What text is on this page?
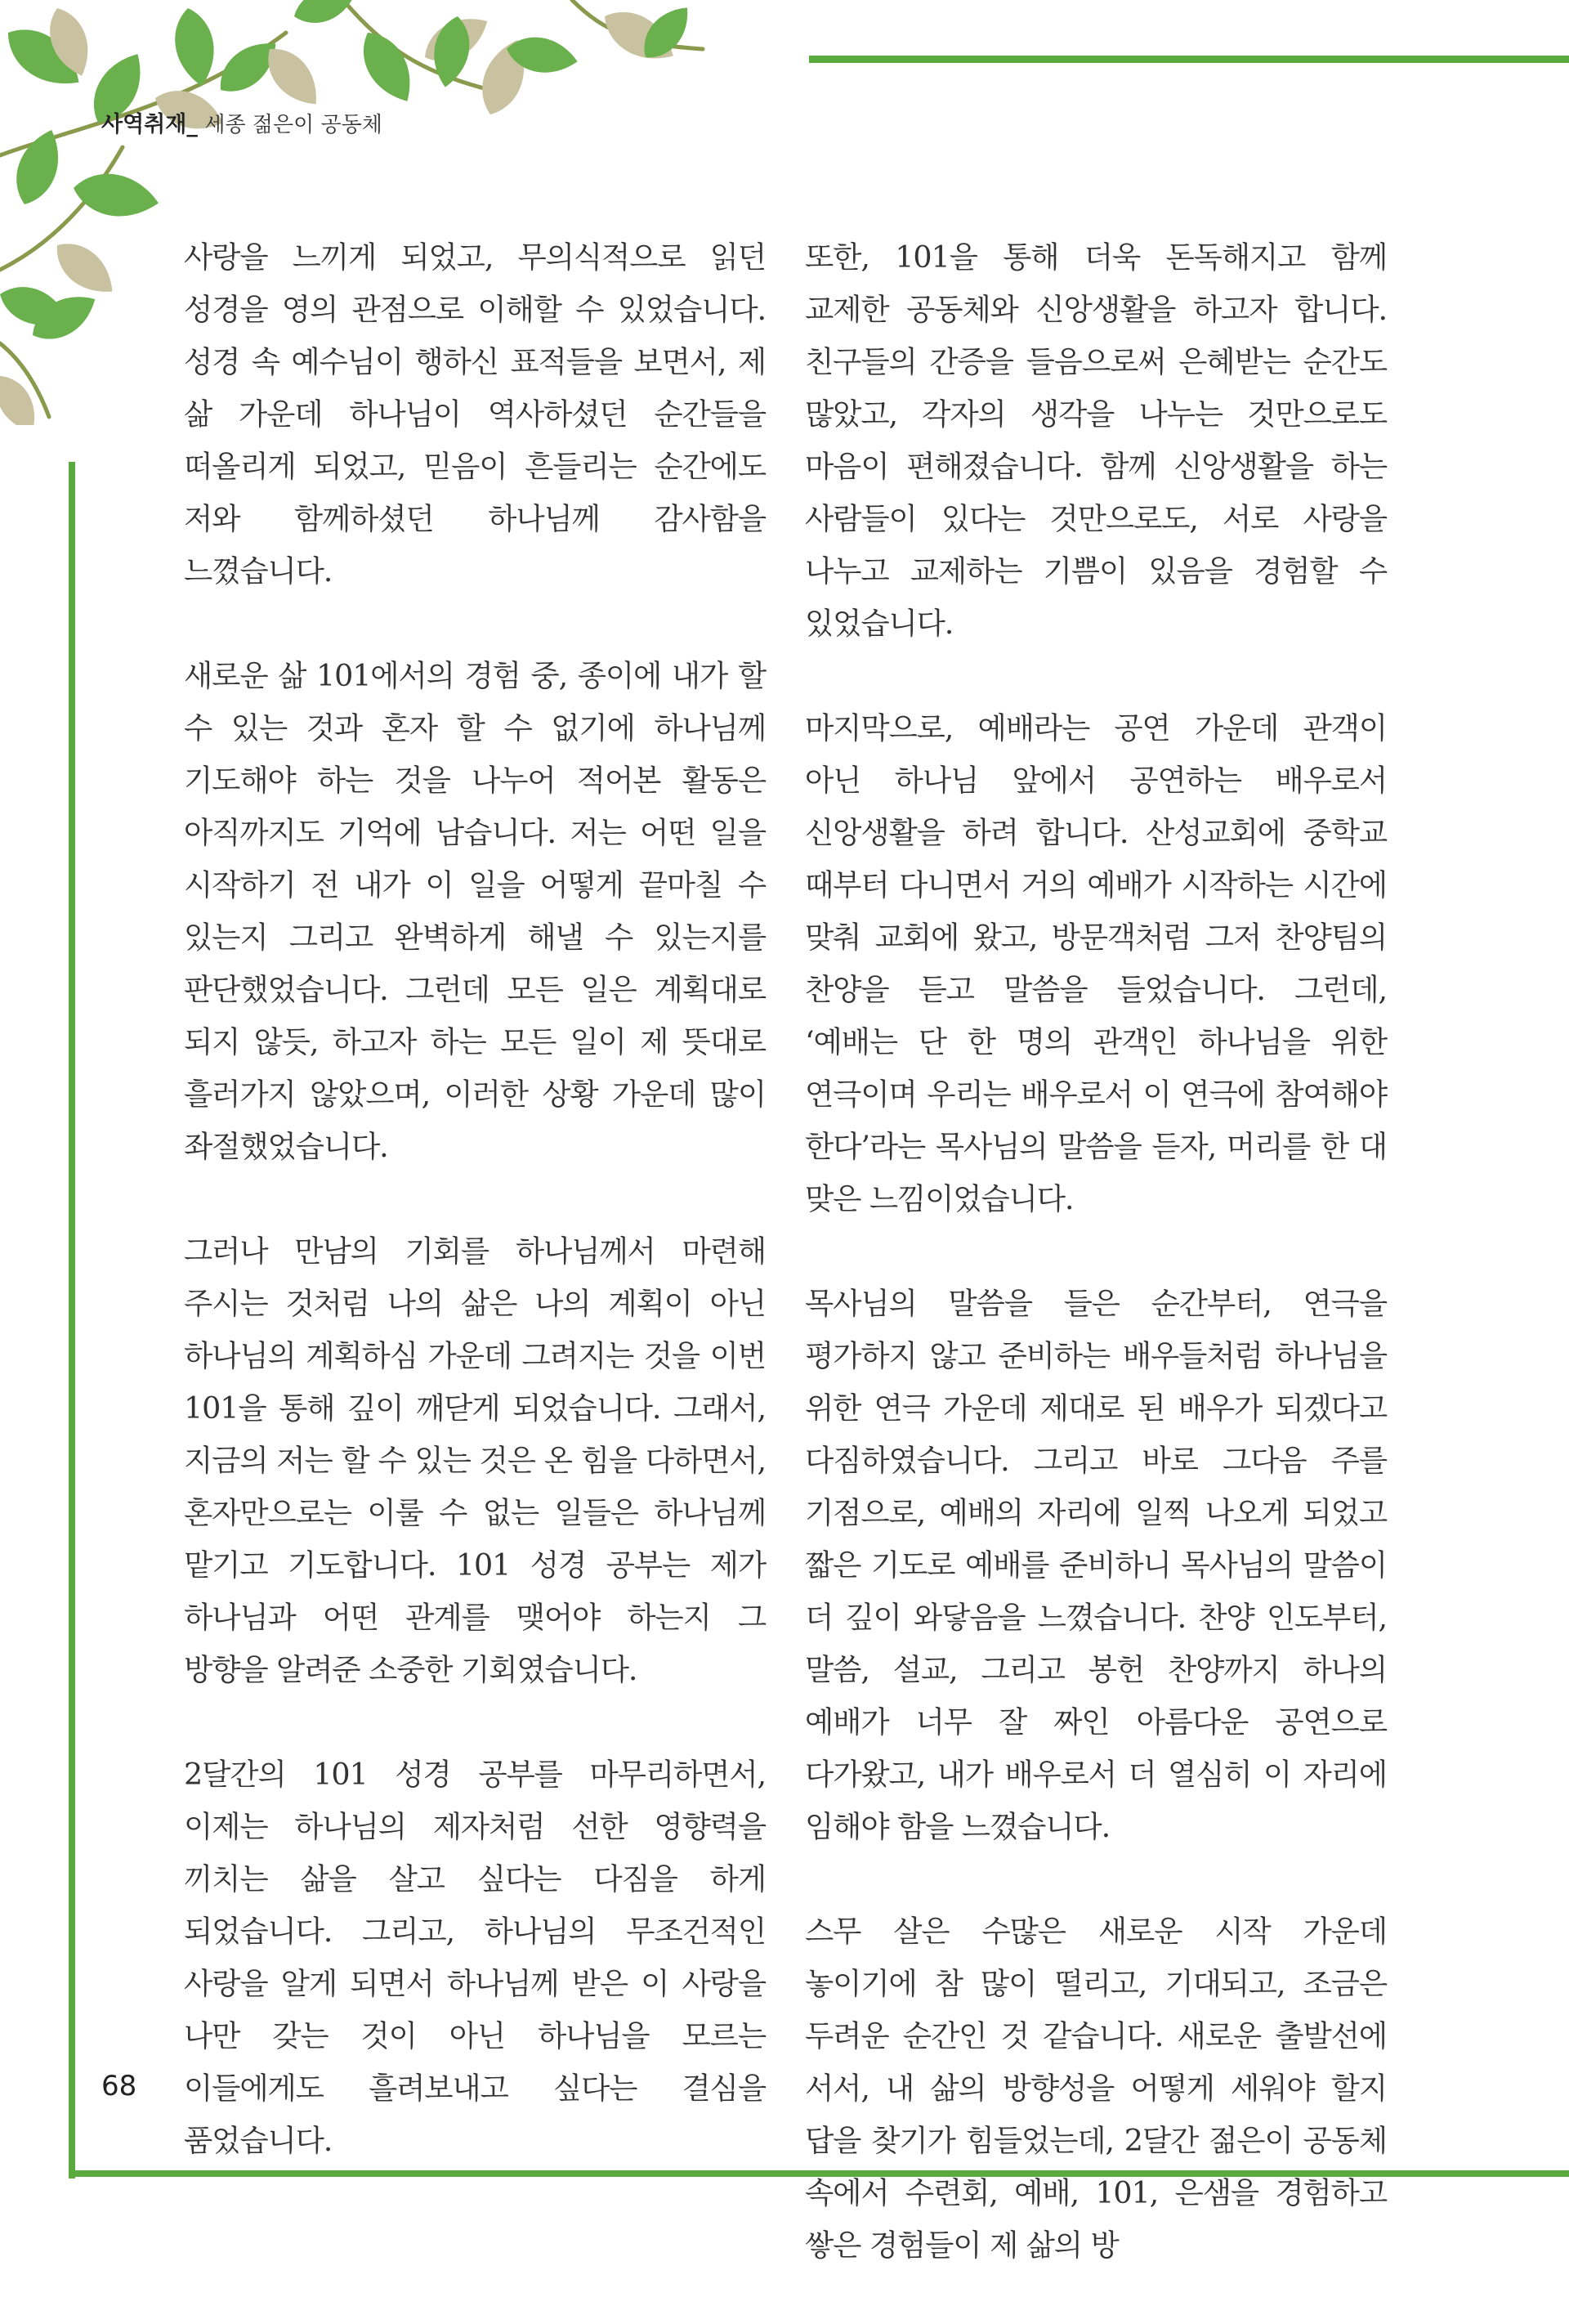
사역취재_ 세종 젊은이 공동체

사랑을 느끼게 되었고, 무의식적으로 읽던 성경을 영의 관점으로 이해할 수 있었습니다. 성경 속 예수님이 행하신 표적들을 보면서, 제 삶 가운데 하나님이 역사하셨던 순간들을 떠올리게 되었고, 믿음이 흔들리는 순간에도 저와 함께하셨던 하나님께 감사함을 느꼈습니다.

새로운 삶 101에서의 경험 중, 종이에 내가 할 수 있는 것과 혼자 할 수 없기에 하나님께 기도해야 하는 것을 나누어 적어본 활동은 아직까지도 기억에 남습니다. 저는 어떤 일을 시작하기 전 내가 이 일을 어떻게 끝마칠 수 있는지 그리고 완벽하게 해낼 수 있는지를 판단했었습니다. 그런데 모든 일은 계획대로 되지 않듯, 하고자 하는 모든 일이 제 뜻대로 흘러가지 않았으며, 이러한 상황 가운데 많이 좌절했었습니다.

그러나 만남의 기회를 하나님께서 마련해 주시는 것처럼 나의 삶은 나의 계획이 아닌 하나님의 계획하심 가운데 그려지는 것을 이번 101을 통해 깊이 깨닫게 되었습니다. 그래서, 지금의 저는 할 수 있는 것은 온 힘을 다하면서, 혼자만으로는 이룰 수 없는 일들은 하나님께 맡기고 기도합니다. 101 성경 공부는 제가 하나님과 어떤 관계를 맺어야 하는지 그 방향을 알려준 소중한 기회였습니다.

2달간의 101 성경 공부를 마무리하면서, 이제는 하나님의 제자처럼 선한 영향력을 끼치는 삶을 살고 싶다는 다짐을 하게 되었습니다. 그리고, 하나님의 무조건적인 사랑을 알게 되면서 하나님께 받은 이 사랑을 나만 갖는 것이 아닌 하나님을 모르는 이들에게도 흘려보내고 싶다는 결심을 품었습니다.

또한, 101을 통해 더욱 돈독해지고 함께 교제한 공동체와 신앙생활을 하고자 합니다. 친구들의 간증을 들음으로써 은혜받는 순간도 많았고, 각자의 생각을 나누는 것만으로도 마음이 편해졌습니다. 함께 신앙생활을 하는 사람들이 있다는 것만으로도, 서로 사랑을 나누고 교제하는 기쁨이 있음을 경험할 수 있었습니다.

마지막으로, 예배라는 공연 가운데 관객이 아닌 하나님 앞에서 공연하는 배우로서 신앙생활을 하려 합니다. 산성교회에 중학교 때부터 다니면서 거의 예배가 시작하는 시간에 맞춰 교회에 왔고, 방문객처럼 그저 찬양팀의 찬양을 듣고 말씀을 들었습니다. 그런데, ‘예배는 단 한 명의 관객인 하나님을 위한 연극이며 우리는 배우로서 이 연극에 참여해야 한다’라는 목사님의 말씀을 듣자, 머리를 한 대 맞은 느낌이었습니다.

목사님의 말씀을 들은 순간부터, 연극을 평가하지 않고 준비하는 배우들처럼 하나님을 위한 연극 가운데 제대로 된 배우가 되겠다고 다짐하였습니다. 그리고 바로 그다음 주를 기점으로, 예배의 자리에 일찍 나오게 되었고 짧은 기도로 예배를 준비하니 목사님의 말씀이 더 깊이 와닿음을 느꼈습니다. 찬양 인도부터, 말씀, 설교, 그리고 봉헌 찬양까지 하나의 예배가 너무 잘 짜인 아름다운 공연으로 다가왔고, 내가 배우로서 더 열심히 이 자리에 임해야 함을 느꼈습니다.

스무 살은 수많은 새로운 시작 가운데 놓이기에 참 많이 떨리고, 기대되고, 조금은 두려운 순간인 것 같습니다. 새로운 출발선에 서서, 내 삶의 방향성을 어떻게 세워야 할지 답을 찾기가 힘들었는데, 2달간 젊은이 공동체 속에서 수련회, 예배, 101, 은샘을 경험하고 쌓은 경험들이 제 삶의 방

68
